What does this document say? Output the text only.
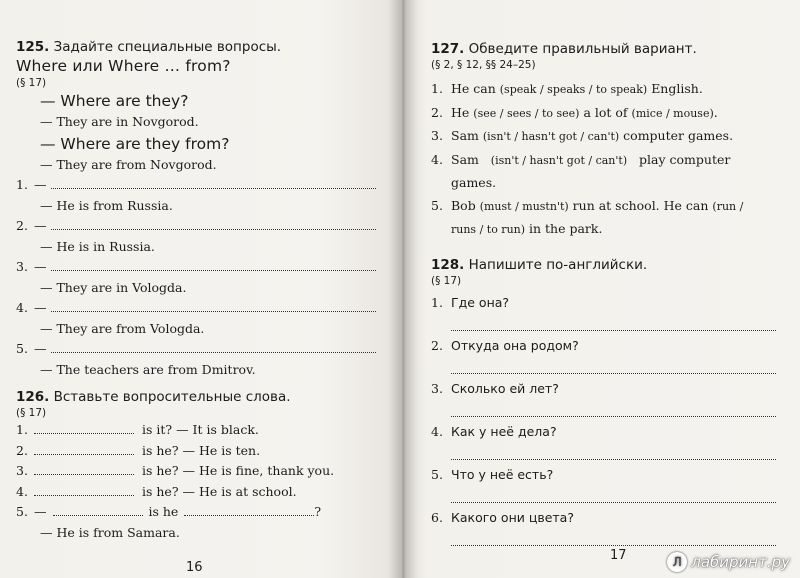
125. Задайте специальные вопросы.
Where или Where … from?
(§ 17)
— Where are they?
— They are in Novgorod.
— Where are they from?
— They are from Novgorod.
1. —
— He is from Russia.
2. —
— He is in Russia.
3. —
— They are in Vologda.
4. —
— They are from Vologda.
5. —
— The teachers are from Dmitrov.
126. Вставьте вопросительные слова.
(§ 17)
1.	is it? — It is black.
2.	is he? — He is ten.
3.	is he? — He is fine, thank you.
4.	is he? — He is at school.
5. —	is he	?
— He is from Samara.
16
127. Обведите правильный вариант.
(§ 2, § 12, §§ 24–25)
1. He can (speak / speaks / to speak) English.
2. He (see / sees / to see) a lot of (mice / mouse).
3. Sam (isn't / hasn't got / can't) computer games.
4. Sam (isn't / hasn't got / can't) play computer games.
5. Bob (must / mustn't) run at school. He can (run / runs / to run) in the park.
128. Напишите по-английски.
(§ 17)
1. Где она?
2. Откуда она родом?
3. Сколько ей лет?
4. Как у неё дела?
5. Что у неё есть?
6. Какого они цвета?
17	Л лабиринт.ру
